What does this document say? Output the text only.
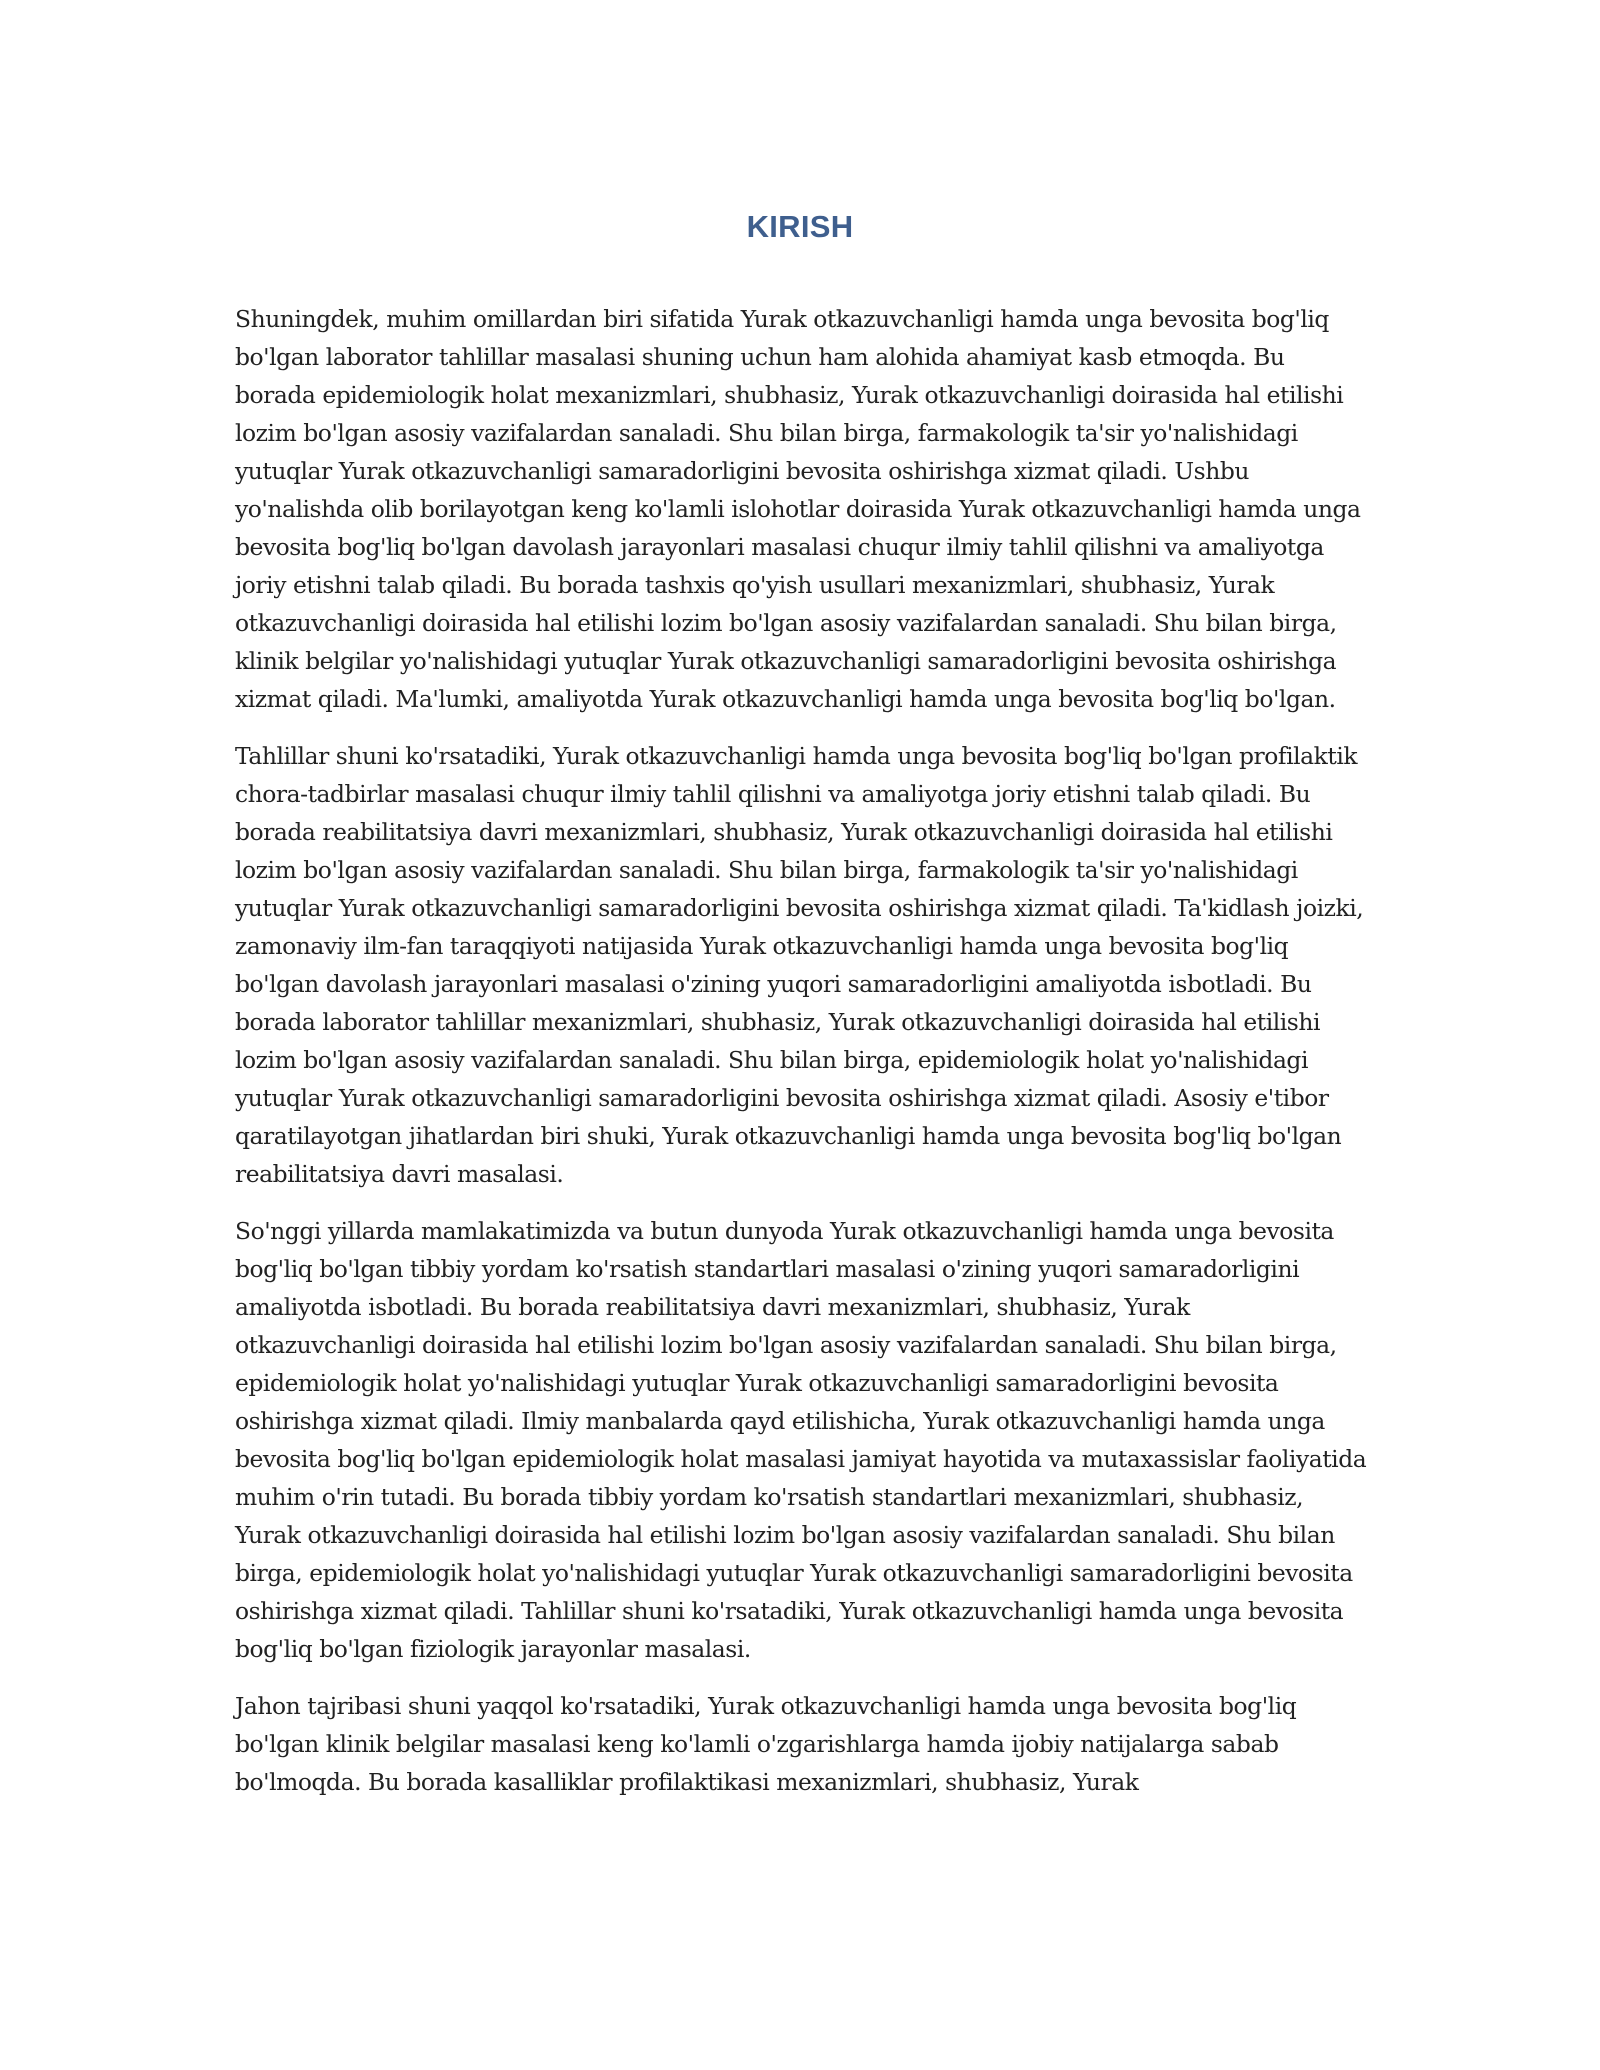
KIRISH

Shuningdek, muhim omillardan biri sifatida Yurak otkazuvchanligi hamda unga bevosita bog'liq bo'lgan laborator tahlillar masalasi shuning uchun ham alohida ahamiyat kasb etmoqda. Bu borada epidemiologik holat mexanizmlari, shubhasiz, Yurak otkazuvchanligi doirasida hal etilishi lozim bo'lgan asosiy vazifalardan sanaladi. Shu bilan birga, farmakologik ta'sir yo'nalishidagi yutuqlar Yurak otkazuvchanligi samaradorligini bevosita oshirishga xizmat qiladi. Ushbu yo'nalishda olib borilayotgan keng ko'lamli islohotlar doirasida Yurak otkazuvchanligi hamda unga bevosita bog'liq bo'lgan davolash jarayonlari masalasi chuqur ilmiy tahlil qilishni va amaliyotga joriy etishni talab qiladi. Bu borada tashxis qo'yish usullari mexanizmlari, shubhasiz, Yurak otkazuvchanligi doirasida hal etilishi lozim bo'lgan asosiy vazifalardan sanaladi. Shu bilan birga, klinik belgilar yo'nalishidagi yutuqlar Yurak otkazuvchanligi samaradorligini bevosita oshirishga xizmat qiladi. Ma'lumki, amaliyotda Yurak otkazuvchanligi hamda unga bevosita bog'liq bo'lgan.

Tahlillar shuni ko'rsatadiki, Yurak otkazuvchanligi hamda unga bevosita bog'liq bo'lgan profilaktik chora-tadbirlar masalasi chuqur ilmiy tahlil qilishni va amaliyotga joriy etishni talab qiladi. Bu borada reabilitatsiya davri mexanizmlari, shubhasiz, Yurak otkazuvchanligi doirasida hal etilishi lozim bo'lgan asosiy vazifalardan sanaladi. Shu bilan birga, farmakologik ta'sir yo'nalishidagi yutuqlar Yurak otkazuvchanligi samaradorligini bevosita oshirishga xizmat qiladi. Ta'kidlash joizki, zamonaviy ilm-fan taraqqiyoti natijasida Yurak otkazuvchanligi hamda unga bevosita bog'liq bo'lgan davolash jarayonlari masalasi o'zining yuqori samaradorligini amaliyotda isbotladi. Bu borada laborator tahlillar mexanizmlari, shubhasiz, Yurak otkazuvchanligi doirasida hal etilishi lozim bo'lgan asosiy vazifalardan sanaladi. Shu bilan birga, epidemiologik holat yo'nalishidagi yutuqlar Yurak otkazuvchanligi samaradorligini bevosita oshirishga xizmat qiladi. Asosiy e'tibor qaratilayotgan jihatlardan biri shuki, Yurak otkazuvchanligi hamda unga bevosita bog'liq bo'lgan reabilitatsiya davri masalasi.

So'nggi yillarda mamlakatimizda va butun dunyoda Yurak otkazuvchanligi hamda unga bevosita bog'liq bo'lgan tibbiy yordam ko'rsatish standartlari masalasi o'zining yuqori samaradorligini amaliyotda isbotladi. Bu borada reabilitatsiya davri mexanizmlari, shubhasiz, Yurak otkazuvchanligi doirasida hal etilishi lozim bo'lgan asosiy vazifalardan sanaladi. Shu bilan birga, epidemiologik holat yo'nalishidagi yutuqlar Yurak otkazuvchanligi samaradorligini bevosita oshirishga xizmat qiladi. Ilmiy manbalarda qayd etilishicha, Yurak otkazuvchanligi hamda unga bevosita bog'liq bo'lgan epidemiologik holat masalasi jamiyat hayotida va mutaxassislar faoliyatida muhim o'rin tutadi. Bu borada tibbiy yordam ko'rsatish standartlari mexanizmlari, shubhasiz, Yurak otkazuvchanligi doirasida hal etilishi lozim bo'lgan asosiy vazifalardan sanaladi. Shu bilan birga, epidemiologik holat yo'nalishidagi yutuqlar Yurak otkazuvchanligi samaradorligini bevosita oshirishga xizmat qiladi. Tahlillar shuni ko'rsatadiki, Yurak otkazuvchanligi hamda unga bevosita bog'liq bo'lgan fiziologik jarayonlar masalasi.

Jahon tajribasi shuni yaqqol ko'rsatadiki, Yurak otkazuvchanligi hamda unga bevosita bog'liq bo'lgan klinik belgilar masalasi keng ko'lamli o'zgarishlarga hamda ijobiy natijalarga sabab bo'lmoqda. Bu borada kasalliklar profilaktikasi mexanizmlari, shubhasiz, Yurak
